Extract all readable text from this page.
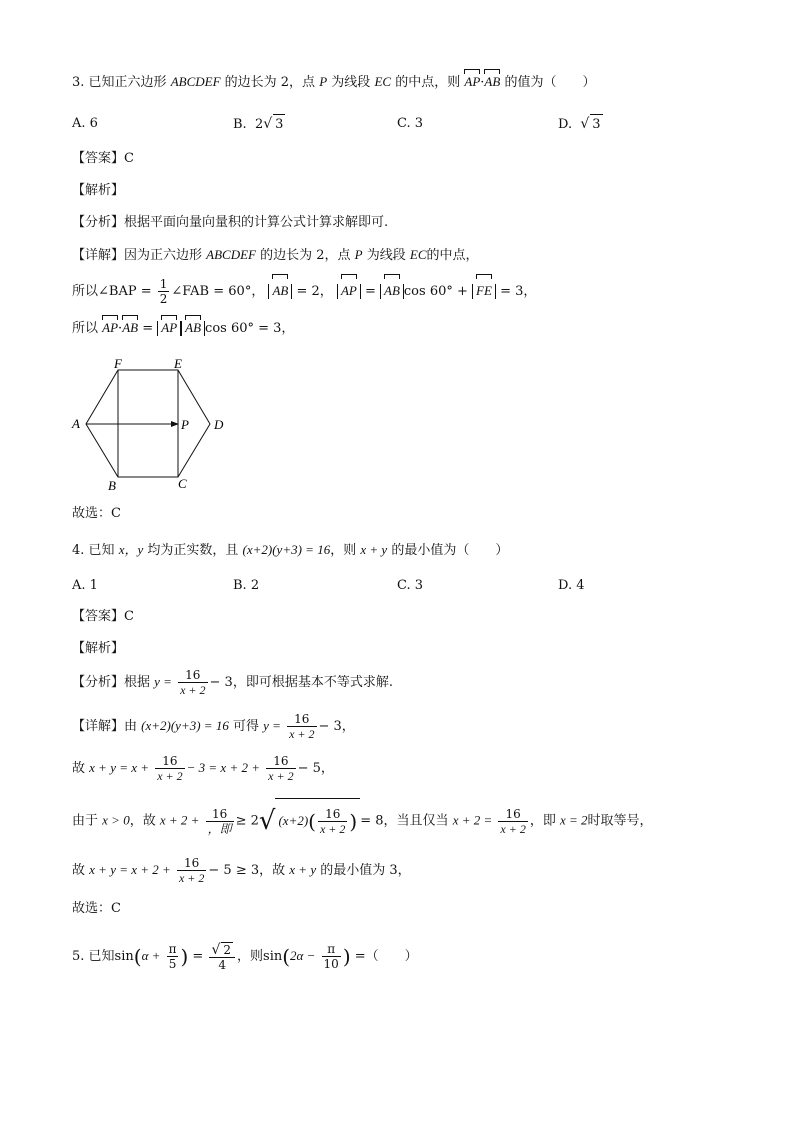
3. 已知正六边形 ABCDEF 的边长为 2，点 P 为线段 EC 的中点，则 AP·AB 的值为（　　）
A. 6	B. 2√ 3	C. 3	D. √ 3
【答案】C
【解析】
【分析】根据平面向量向量积的计算公式计算求解即可.
【详解】因为正六边形 ABCDEF 的边长为 2，点 P 为线段 EC的中点，
所以∠BAP = $\frac{1}{2}$ ∠FAB = 60°， AB = 2， AP = AB cos 60° + FE = 3，
所以 AP·AB = AP AB cos 60° = 3，
A
B	C
D
E
F
P
故选：C
4. 已知 x，y 均为正实数，且 (x+2)(y+3) = 16，则 x + y 的最小值为（　　）
A. 1	B. 2	C. 3	D. 4
【答案】C
【解析】
【分析】根据 $y = \frac{16}{x + 2} - 3$，即可根据基本不等式求解.
【详解】由 (x+2)(y+3) = 16 可得 $y = \frac{16}{x + 2} - 3$，
故 $x + y = x + \frac{16}{x + 2} - 3 = x + 2 + \frac{16}{x + 2} - 5$，
由于 x > 0，故 $x + 2 + \frac{16}{\text{，即}} \ge 2√$ $(x+2)( \frac{16}{x + 2}$ ) = 8，当且仅当 $x + 2 = \frac{16}{x + 2}$ ，即 x = 2时取等号，
故 $x + y = x + 2 + \frac{16}{x + 2} - 5 \ge 3$，故 x + y 的最小值为 3，
故选：C
5. 已知$\sin(\alpha + \frac{\pi}{5}$ ) = $\frac{√ 2}{4}$ ，则$\sin(2\alpha - \frac{\pi}{10}$ ) =（　　）
